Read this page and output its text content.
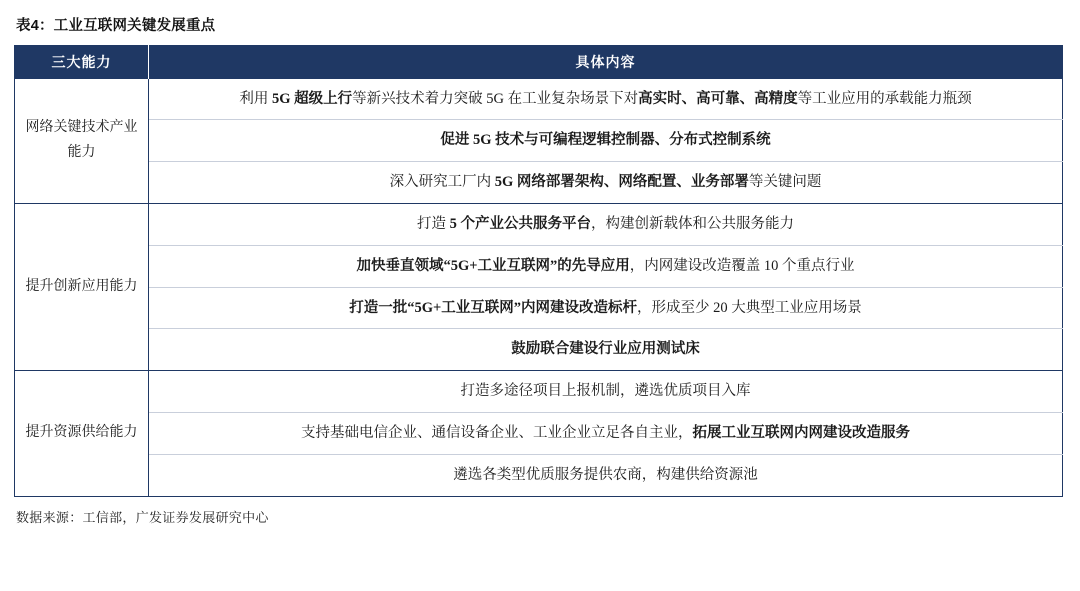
表4：工业互联网关键发展重点
三大能力	具体内容
网络关键技术产业能力	利用 5G 超级上行等新兴技术着力突破 5G 在工业复杂场景下对高实时、高可靠、高精度等工业应用的承载能力瓶颈
	促进 5G 技术与可编程逻辑控制器、分布式控制系统
	深入研究工厂内 5G 网络部署架构、网络配置、业务部署等关键问题
提升创新应用能力	打造 5 个产业公共服务平台，构建创新载体和公共服务能力
	加快垂直领域“5G+工业互联网”的先导应用，内网建设改造覆盖 10 个重点行业
	打造一批“5G+工业互联网”内网建设改造标杆，形成至少 20 大典型工业应用场景
	鼓励联合建设行业应用测试床
提升资源供给能力	打造多途径项目上报机制，遴选优质项目入库
	支持基础电信企业、通信设备企业、工业企业立足各自主业，拓展工业互联网内网建设改造服务
	遴选各类型优质服务提供农商，构建供给资源池
数据来源：工信部，广发证券发展研究中心
